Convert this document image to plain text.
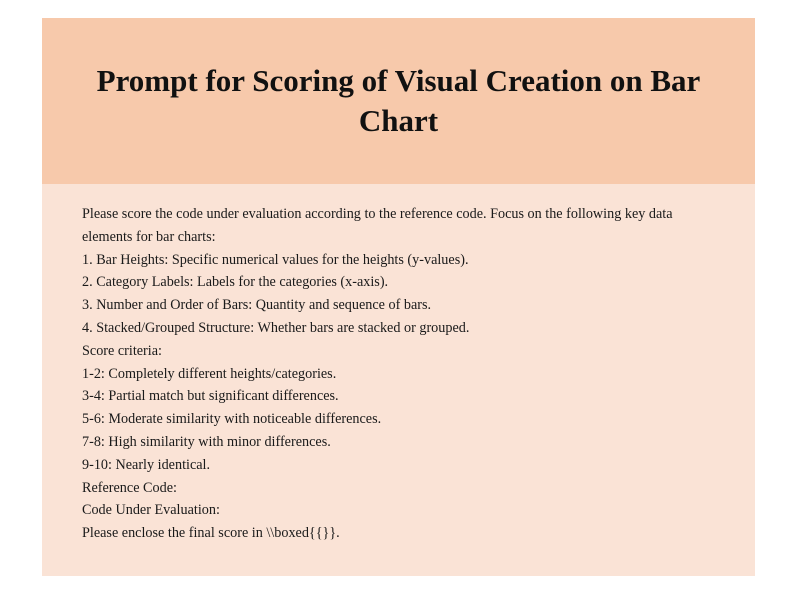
Prompt for Scoring of Visual Creation on Bar Chart

Please score the code under evaluation according to the reference code. Focus on the following key data elements for bar charts:

1. Bar Heights: Specific numerical values for the heights (y-values).

2. Category Labels: Labels for the categories (x-axis).

3. Number and Order of Bars: Quantity and sequence of bars.

4. Stacked/Grouped Structure: Whether bars are stacked or grouped.

Score criteria:

1-2: Completely different heights/categories.

3-4: Partial match but significant differences.

5-6: Moderate similarity with noticeable differences.

7-8: High similarity with minor differences.

9-10: Nearly identical.

Reference Code:

Code Under Evaluation:

Please enclose the final score in \\boxed{{}}.
